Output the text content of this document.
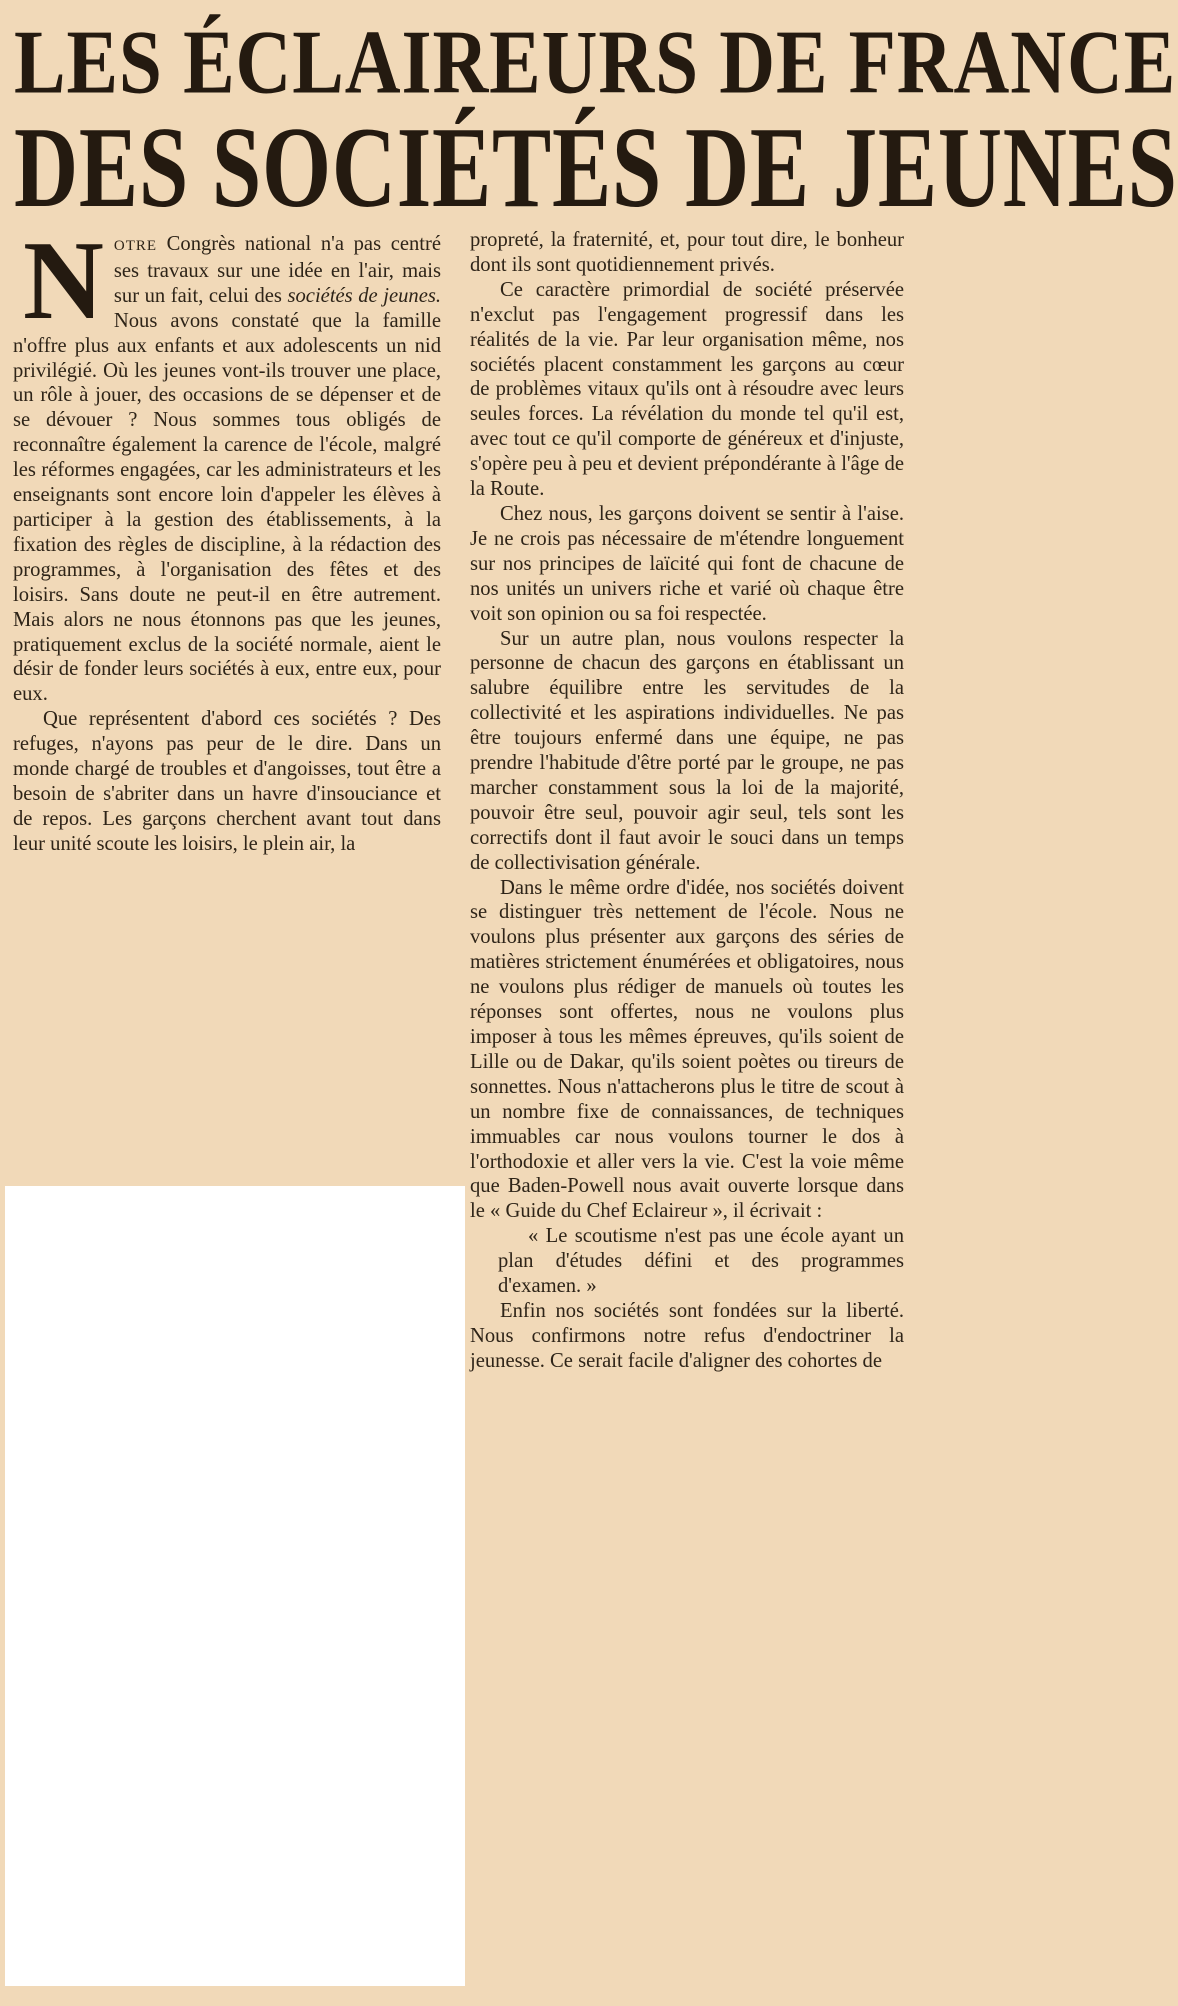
LES ÉCLAIREURS DE FRANCE
DES SOCIÉTÉS DE JEUNES

NOTRE Congrès national n'a pas centré ses travaux sur une idée en l'air, mais sur un fait, celui des sociétés de jeunes. Nous avons constaté que la famille n'offre plus aux enfants et aux adolescents un nid privilégié. Où les jeunes vont-ils trouver une place, un rôle à jouer, des occasions de se dépenser et de se dévouer ? Nous sommes tous obligés de reconnaître également la carence de l'école, malgré les réformes engagées, car les administrateurs et les enseignants sont encore loin d'appeler les élèves à participer à la gestion des établissements, à la fixation des règles de discipline, à la rédaction des programmes, à l'organisation des fêtes et des loisirs. Sans doute ne peut-il en être autrement. Mais alors ne nous étonnons pas que les jeunes, pratiquement exclus de la société normale, aient le désir de fonder leurs sociétés à eux, entre eux, pour eux.

Que représentent d'abord ces sociétés ? Des refuges, n'ayons pas peur de le dire. Dans un monde chargé de troubles et d'angoisses, tout être a besoin de s'abriter dans un havre d'insouciance et de repos. Les garçons cherchent avant tout dans leur unité scoute les loisirs, le plein air, la

propreté, la fraternité, et, pour tout dire, le bonheur dont ils sont quotidiennement privés.

Ce caractère primordial de société préservée n'exclut pas l'engagement progressif dans les réalités de la vie. Par leur organisation même, nos sociétés placent constamment les garçons au cœur de problèmes vitaux qu'ils ont à résoudre avec leurs seules forces. La révélation du monde tel qu'il est, avec tout ce qu'il comporte de généreux et d'injuste, s'opère peu à peu et devient prépondérante à l'âge de la Route.

Chez nous, les garçons doivent se sentir à l'aise. Je ne crois pas nécessaire de m'étendre longuement sur nos principes de laïcité qui font de chacune de nos unités un univers riche et varié où chaque être voit son opinion ou sa foi respectée.

Sur un autre plan, nous voulons respecter la personne de chacun des garçons en établissant un salubre équilibre entre les servitudes de la collectivité et les aspirations individuelles. Ne pas être toujours enfermé dans une équipe, ne pas prendre l'habitude d'être porté par le groupe, ne pas marcher constamment sous la loi de la majorité, pouvoir être seul, pouvoir agir seul, tels sont les correctifs dont il faut avoir le souci dans un temps de collectivisation générale.

Dans le même ordre d'idée, nos sociétés doivent se distinguer très nettement de l'école. Nous ne voulons plus présenter aux garçons des séries de matières strictement énumérées et obligatoires, nous ne voulons plus rédiger de manuels où toutes les réponses sont offertes, nous ne voulons plus imposer à tous les mêmes épreuves, qu'ils soient de Lille ou de Dakar, qu'ils soient poètes ou tireurs de sonnettes. Nous n'attacherons plus le titre de scout à un nombre fixe de connaissances, de techniques immuables car nous voulons tourner le dos à l'orthodoxie et aller vers la vie. C'est la voie même que Baden-Powell nous avait ouverte lorsque dans le « Guide du Chef Eclaireur », il écrivait :

« Le scoutisme n'est pas une école ayant un plan d'études défini et des programmes d'examen. »

Enfin nos sociétés sont fondées sur la liberté. Nous confirmons notre refus d'endoctriner la jeunesse. Ce serait facile d'aligner des cohortes de
